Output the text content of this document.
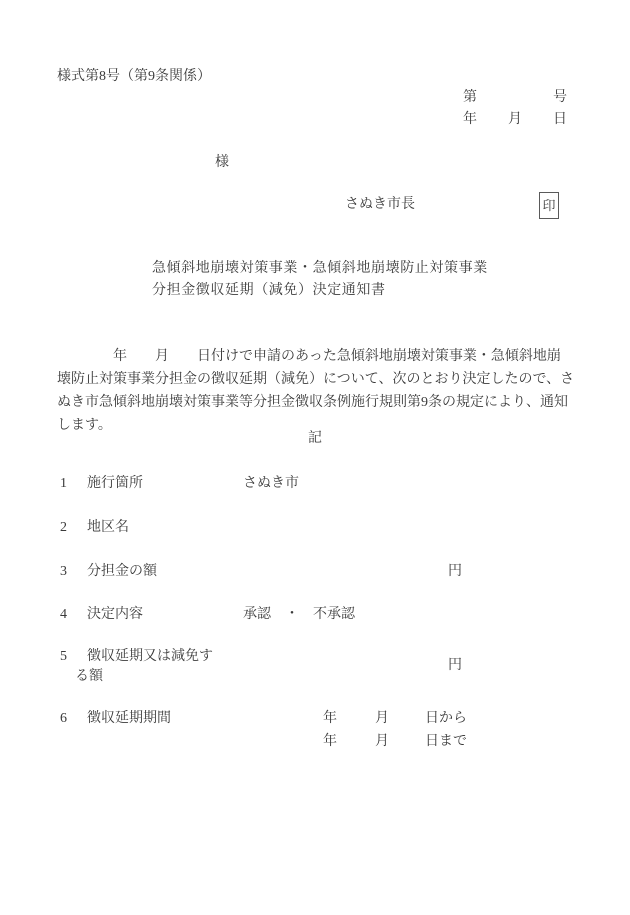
様式第8号（第9条関係）
第	号
年 月 日
様
さぬき市長	印
急傾斜地崩壊対策事業・急傾斜地崩壊防止対策事業
分担金徴収延期（減免）決定通知書
　　　　年　　月　　日付けで申請のあった急傾斜地崩壊対策事業・急傾斜地崩
壊防止対策事業分担金の徴収延期（減免）について、次のとおり決定したので、さ
ぬき市急傾斜地崩壊対策事業等分担金徴収条例施行規則第9条の規定により、通知
します。
記
1 施行箇所	さぬき市
2 地区名
3 分担金の額	円
4 決定内容	承認　・　不承認
5 徴収延期又は減免す
る額
円
6 徴収延期期間	年	月	日から
年	月	日まで
